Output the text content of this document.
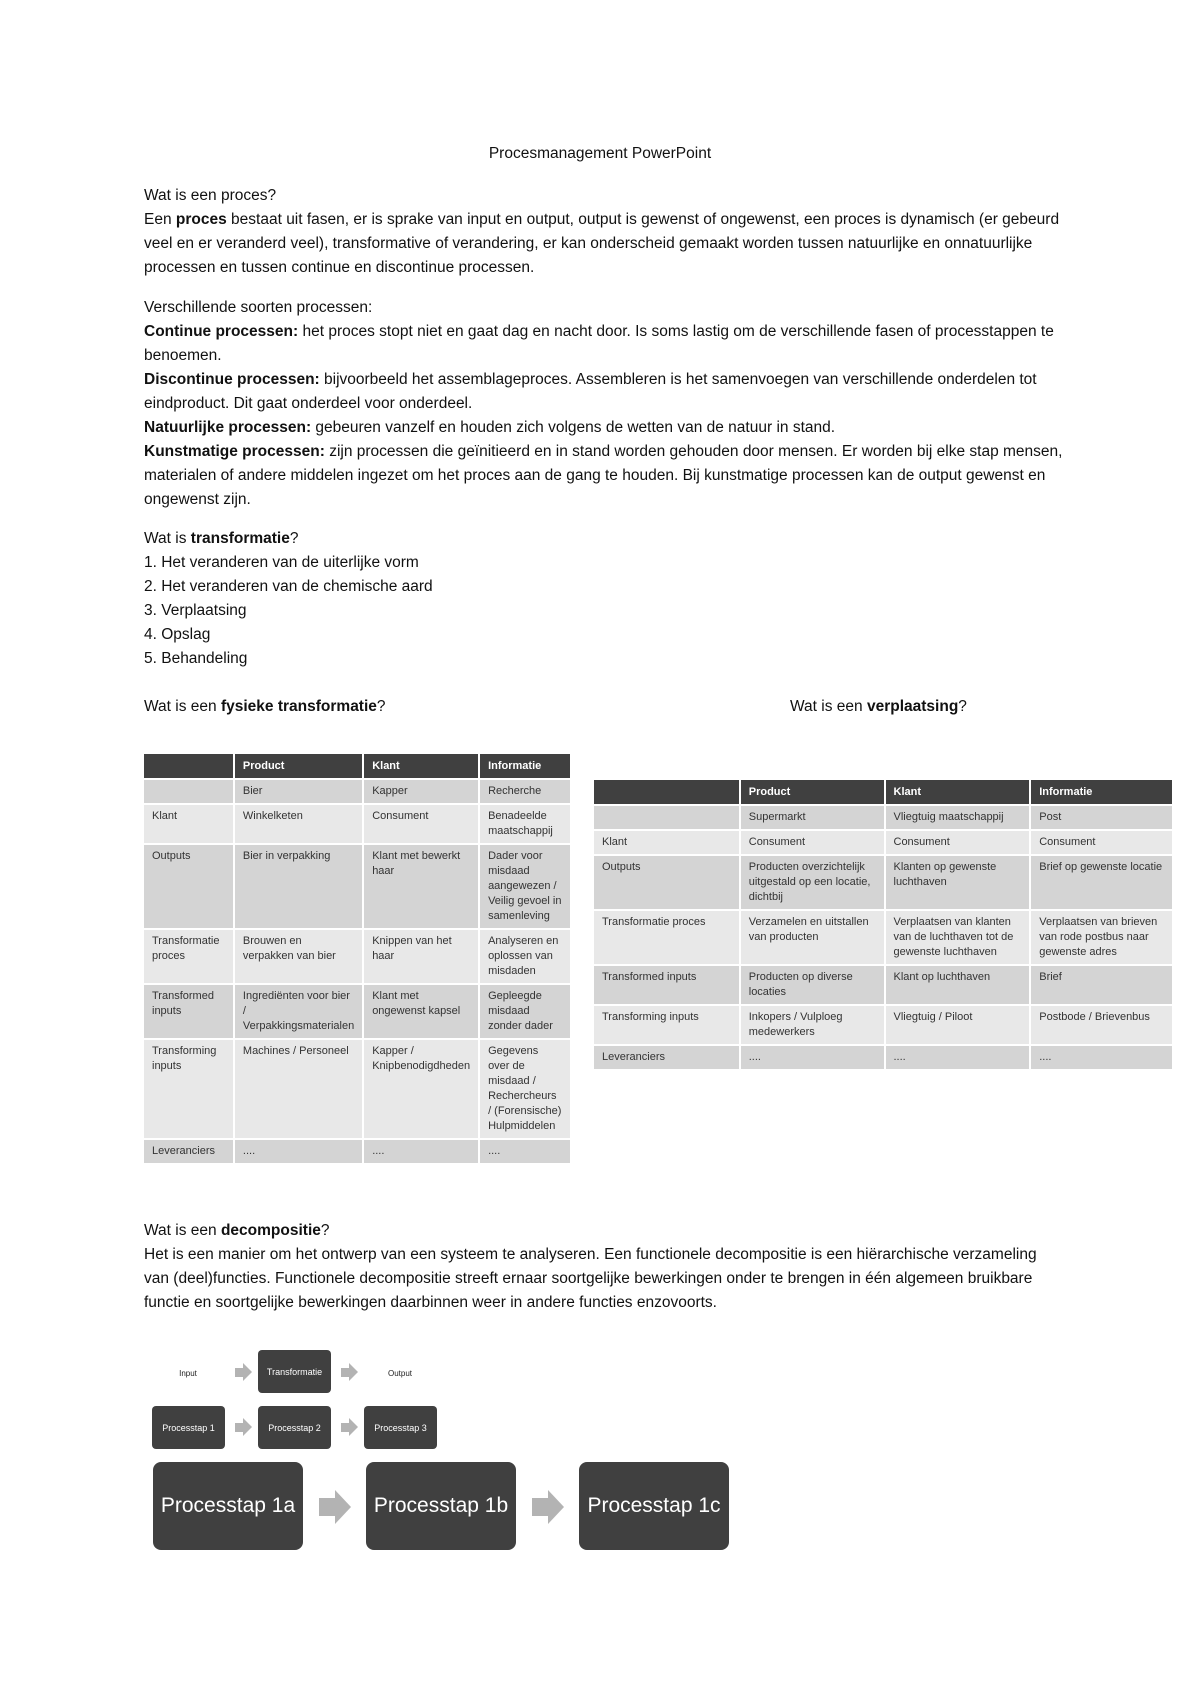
Procesmanagement PowerPoint

Wat is een proces?

Een proces bestaat uit fasen, er is sprake van input en output, output is gewenst of ongewenst, een proces is dynamisch (er gebeurd veel en er veranderd veel), transformative of verandering, er kan onderscheid gemaakt worden tussen natuurlijke en onnatuurlijke processen en tussen continue en discontinue processen.

Verschillende soorten processen:

Continue processen: het proces stopt niet en gaat dag en nacht door. Is soms lastig om de verschillende fasen of processtappen te benoemen.

Discontinue processen: bijvoorbeeld het assemblageproces. Assembleren is het samenvoegen van verschillende onderdelen tot eindproduct. Dit gaat onderdeel voor onderdeel.

Natuurlijke processen: gebeuren vanzelf en houden zich volgens de wetten van de natuur in stand.

Kunstmatige processen: zijn processen die geïnitieerd en in stand worden gehouden door mensen. Er worden bij elke stap mensen, materialen of andere middelen ingezet om het proces aan de gang te houden. Bij kunstmatige processen kan de output gewenst en ongewenst zijn.

Wat is transformatie?

1. Het veranderen van de uiterlijke vorm
2. Het veranderen van de chemische aard
3. Verplaatsing
4. Opslag
5. Behandeling
Wat is een fysieke transformatie?	Wat is een verplaatsing?
	Product	Klant	Informatie
	Bier	Kapper	Recherche
Klant	Winkelketen	Consument	Benadeelde maatschappij
Outputs	Bier in verpakking	Klant met bewerkt haar	Dader voor misdaad aangewezen / Veilig gevoel in samenleving
Transformatie proces	Brouwen en verpakken van bier	Knippen van het haar	Analyseren en oplossen van misdaden
Transformed inputs	Ingrediënten voor bier / Verpakkingsmaterialen	Klant met ongewenst kapsel	Gepleegde misdaad zonder dader
Transforming inputs	Machines / Personeel	Kapper / Knipbenodigdheden	Gegevens over de misdaad / Rechercheurs / (Forensische) Hulpmiddelen
Leveranciers	....	....	....
	Product	Klant	Informatie
	Supermarkt	Vliegtuig maatschappij	Post
Klant	Consument	Consument	Consument
Outputs	Producten overzichtelijk uitgestald op een locatie, dichtbij	Klanten op gewenste luchthaven	Brief op gewenste locatie
Transformatie proces	Verzamelen en uitstallen van producten	Verplaatsen van klanten van de luchthaven tot de gewenste luchthaven	Verplaatsen van brieven van rode postbus naar gewenste adres
Transformed inputs	Producten op diverse locaties	Klant op luchthaven	Brief
Transforming inputs	Inkopers / Vulploeg medewerkers	Vliegtuig / Piloot	Postbode / Brievenbus
Leveranciers	....	....	....

Wat is een decompositie?

Het is een manier om het ontwerp van een systeem te analyseren. Een functionele decompositie is een hiërarchische verzameling van (deel)functies. Functionele decompositie streeft ernaar soortgelijke bewerkingen onder te brengen in één algemeen bruikbare functie en soortgelijke bewerkingen daarbinnen weer in andere functies enzovoorts.

Input	Transformatie	Output
Processtap 1	Processtap 2	Processtap 3
Processtap 1a	Processtap 1b	Processtap 1c
